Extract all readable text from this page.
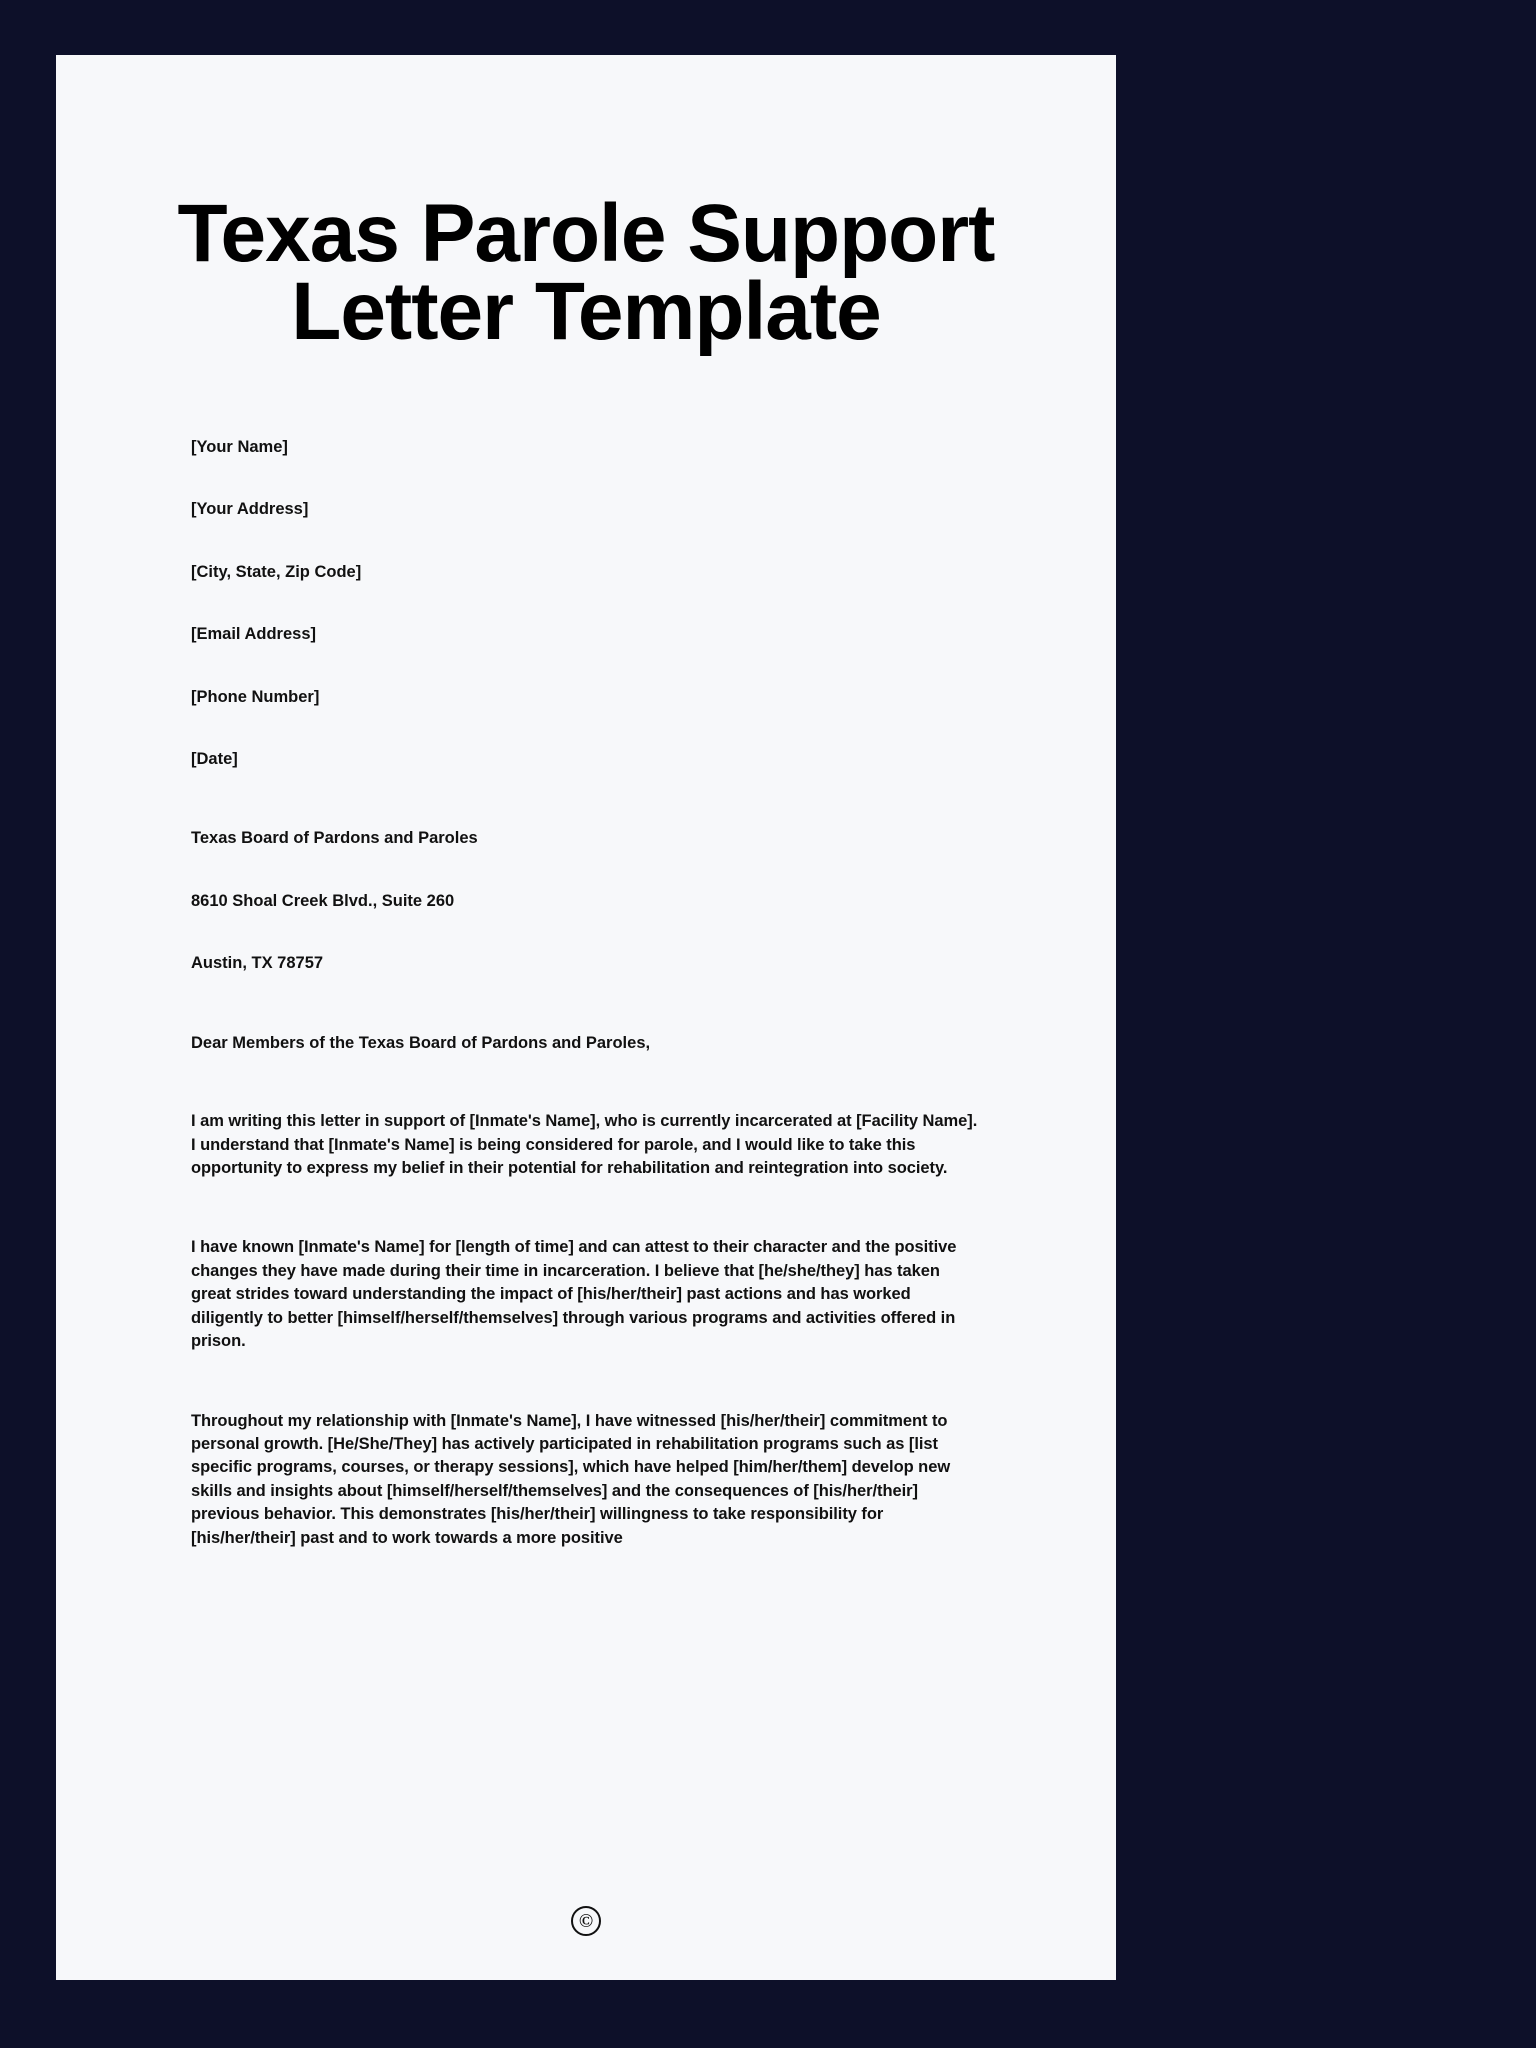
Texas Parole Support Letter Template

[Your Name]

[Your Address]

[City, State, Zip Code]

[Email Address]

[Phone Number]

[Date]

Texas Board of Pardons and Paroles

8610 Shoal Creek Blvd., Suite 260

Austin, TX 78757

Dear Members of the Texas Board of Pardons and Paroles,

I am writing this letter in support of [Inmate's Name], who is currently incarcerated at [Facility Name]. I understand that [Inmate's Name] is being considered for parole, and I would like to take this opportunity to express my belief in their potential for rehabilitation and reintegration into society.

I have known [Inmate's Name] for [length of time] and can attest to their character and the positive changes they have made during their time in incarceration. I believe that [he/she/they] has taken great strides toward understanding the impact of [his/her/their] past actions and has worked diligently to better [himself/herself/themselves] through various programs and activities offered in prison.

Throughout my relationship with [Inmate's Name], I have witnessed [his/her/their] commitment to personal growth. [He/She/They] has actively participated in rehabilitation programs such as [list specific programs, courses, or therapy sessions], which have helped [him/her/them] develop new skills and insights about [himself/herself/themselves] and the consequences of [his/her/their] previous behavior. This demonstrates [his/her/their] willingness to take responsibility for [his/her/their] past and to work towards a more positive

©
